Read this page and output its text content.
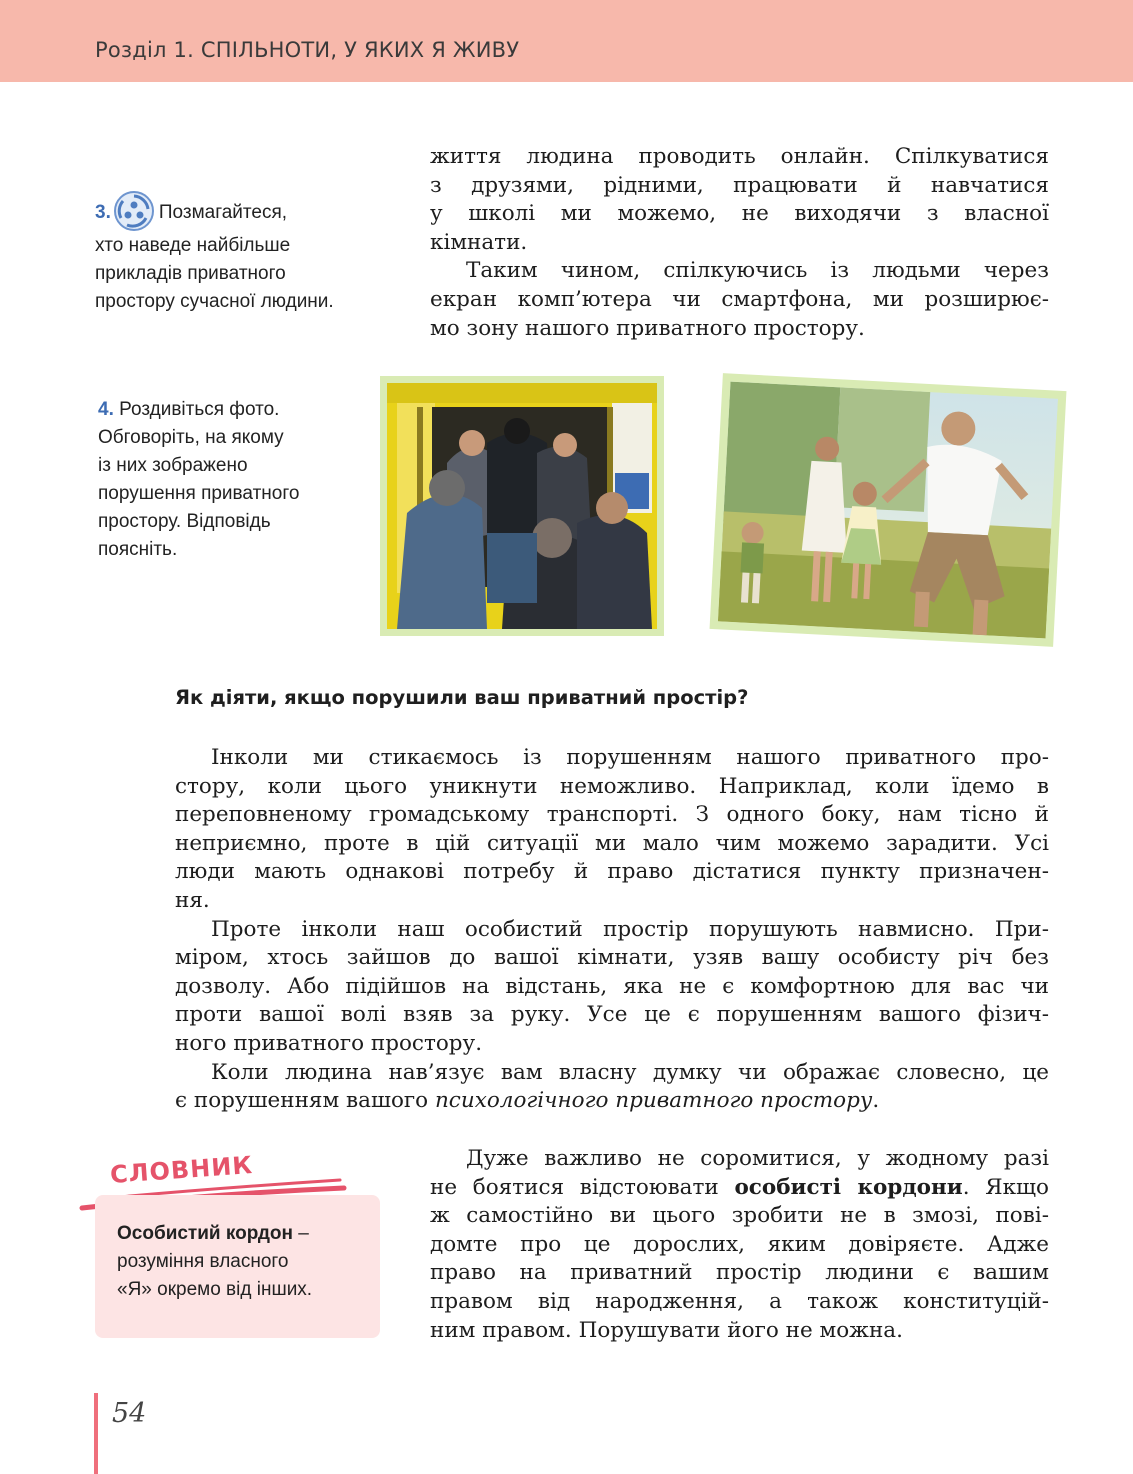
Розділ 1. СПІЛЬНОТИ, У ЯКИХ Я ЖИВУ
життя людина проводить онлайн. Спілкуватися
з друзями, рідними, працювати й навчатися
у школі ми можемо, не виходячи з власної
кімнати.
Таким чином, спілкуючись із людьми через
екран комп’ютера чи смартфона, ми розширює-
мо зону нашого приватного простору.
3.	Позмагайтеся,
хто наведе найбільше
прикладів приватного
простору сучасної людини.
4. Роздивіться фото.
Обговоріть, на якому
із них зображено
порушення приватного
простору. Відповідь
поясніть.
Як діяти, якщо порушили ваш приватний простір?
Інколи ми стикаємось із порушенням нашого приватного про-
стору, коли цього уникнути неможливо. Наприклад, коли їдемо в
переповненому громадському транспорті. З одного боку, нам тісно й
неприємно, проте в цій ситуації ми мало чим можемо зарадити. Усі
люди мають однакові потребу й право дістатися пункту призначен-
ня.
Проте інколи наш особистий простір порушують навмисно. При-
міром, хтось зайшов до вашої кімнати, узяв вашу особисту річ без
дозволу. Або підійшов на відстань, яка не є комфортною для вас чи
проти вашої волі взяв за руку. Усе це є порушенням вашого фізич-
ного приватного простору.
Коли людина нав’язує вам власну думку чи ображає словесно, це
є порушенням вашого психологічного приватного простору.
СЛОВНИК
Особистий кордон –
розуміння власного
«Я» окремо від інших.
Дуже важливо не соромитися, у жодному разі
не боятися відстоювати особисті кордони. Якщо
ж самостійно ви цього зробити не в змозі, пові-
домте про це дорослих, яким довіряєте. Адже
право на приватний простір людини є вашим
правом від народження, а також конституцій-
ним правом. Порушувати його не можна.
54
